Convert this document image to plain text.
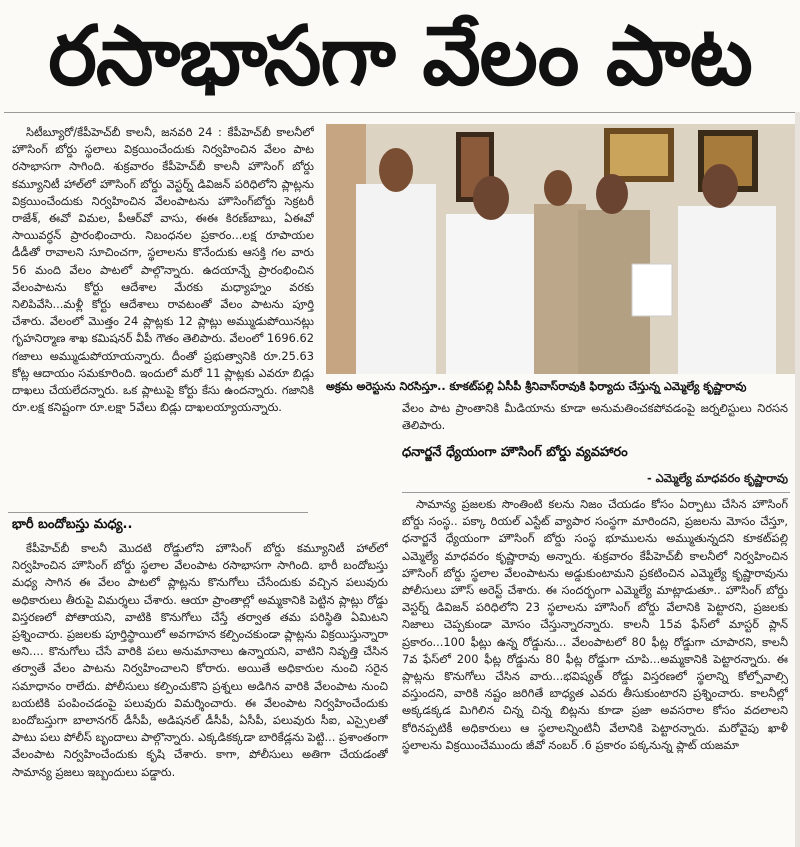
రసాభాసగా వేలం పాట

సిటీబ్యూరో/కేపీహెచ్‌బీ కాలనీ, జనవరి 24 : కేపీహెచ్‌బీ కాలనీలో హౌసింగ్‌ బోర్డు స్థలాలు విక్రయించేందుకు నిర్వహించిన వేలం పాట రసాభాసగా సాగింది. శుక్రవారం కేపీహెచ్‌బీ కాలనీ హౌసింగ్‌ బోర్డు కమ్యూనిటీ హాల్‌లో హౌసింగ్‌ బోర్డు వెస్టర్న్‌ డివిజన్‌ పరిధిలోని ప్లాట్లను విక్రయించేందుకు నిర్వహించిన వేలంపాటను హౌసింగ్‌బోర్డు సెక్రటరీ రాజేశ్‌, ఈవో విమల, పీఆర్‌వో వాసు, ఈఈ కిరణ్‌బాబు, ఏఈవో సాయివర్ధన్‌ ప్రారంభించారు. నిబంధనల ప్రకారం...లక్ష రూపాయల డీడీతో రావాలని సూచించగా, స్థలాలను కొనేందుకు ఆసక్తి గల వారు 56 మంది వేలం పాటలో పాల్గొన్నారు. ఉదయాన్నే ప్రారంభించిన వేలంపాటను కోర్టు ఆదేశాల మేరకు మధ్యాహ్నం వరకు నిలిపివేసి...మళ్లీ కోర్టు ఆదేశాలు రావటంతో వేలం పాటను పూర్తి చేశారు. వేలంలో మొత్తం 24 ప్లాట్లకు 12 ప్లాట్లు అమ్ముడుపోయినట్లు గృహనిర్మాణ శాఖ కమిషనర్‌ వీపీ గౌతం తెలిపారు. వేలంలో 1696.62 గజాలు అమ్ముడుపోయాయన్నారు. దీంతో ప్రభుత్వానికి రూ.25.63 కోట్ల ఆదాయం సమకూరింది. ఇందులో మరో 11 ప్లాట్లకు ఎవరూ బిడ్లు దాఖలు చేయలేదన్నారు. ఒక ప్లాటుపై కోర్టు కేసు ఉందన్నారు. గజానికి రూ.లక్ష కనిష్టంగా రూ.లక్షా 5వేలు బిడ్లు దాఖలయ్యాయన్నారు.

భారీ బందోబస్తు మధ్య..

కేపీహెచ్‌బీ కాలనీ మొదటి రోడ్డులోని హౌసింగ్‌ బోర్డు కమ్యూనిటీ హాల్‌లో నిర్వహించిన హౌసింగ్‌ బోర్డు స్థలాల వేలంపాట రసాభాసగా సాగింది. భారీ బందోబస్తు మధ్య సాగిన ఈ వేలం పాటలో ప్లాట్లను కొనుగోలు చేసేందుకు వచ్చిన పలువురు అధికారులు తీరుపై విమర్శలు చేశారు. ఆయా ప్రాంతాల్లో అమ్మకానికి పెట్టిన ప్లాట్లు రోడ్డు విస్తరణలో పోతాయని, వాటికి కొనుగోలు చేస్తే తర్వాత తమ పరిస్థితి ఏమిటని ప్రశ్నించారు. ప్రజలకు పూర్తిస్థాయిలో అవగాహన కల్పించకుండా ప్లాట్లను విక్రయిస్తున్నారా అని.... కొనుగోలు చేసే వారికి పలు అనుమానాలు ఉన్నాయని, వాటిని నివృత్తి చేసిన తర్వాతే వేలం పాటను నిర్వహించాలని కోరారు. అయితే అధికారుల నుంచి సరైన సమాధానం రాలేదు. పోలీసులు కల్పించుకొని ప్రశ్నలు అడిగిన వారికి వేలంపాట నుంచి బయటికి పంపించడంపై పలువురు విమర్శించారు. ఈ వేలంపాట నిర్వహించేందుకు బందోబస్తుగా బాలానగర్‌ డీసీపీ, అడిషనల్‌ డీసీపీ, ఏసీపీ, పలువురు సీఐ, ఎస్సైలతో పాటు పలు పోలీస్‌ బృందాలు పాల్గొన్నారు. ఎక్కడికక్కడా బారికేడ్లను పెట్టి... ప్రశాంతంగా వేలంపాట నిర్వహించేందుకు కృషి చేశారు. కాగా, పోలీసులు అతిగా చేయడంతో సామాన్య ప్రజలు ఇబ్బందులు పడ్డారు.

అక్రమ అరెస్టును నిరసిస్తూ.. కూకట్‌పల్లి ఏసీపీ శ్రీనివాస్‌రావుకి ఫిర్యాదు చేస్తున్న ఎమ్మెల్యే కృష్ణారావు

వేలం పాట ప్రాంతానికి మీడియాను కూడా అనుమతించకపోవడంపై జర్నలిస్టులు నిరసన తెలిపారు.

ధనార్జనే ధ్యేయంగా హౌసింగ్‌ బోర్డు వ్యవహారం
- ఎమ్మెల్యే మాధవరం కృష్ణారావు

సామాన్య ప్రజలకు సొంతింటి కలను నిజం చేయడం కోసం ఏర్పాటు చేసిన హౌసింగ్‌ బోర్డు సంస్థ.. పక్కా రియల్‌ ఎస్టేట్‌ వ్యాపార సంస్థగా మారిందని, ప్రజలను మోసం చేస్తూ, ధనార్జనే ధ్యేయంగా హౌసింగ్‌ బోర్డు సంస్థ భూములను అమ్ముతున్నదని కూకట్‌పల్లి ఎమ్మెల్యే మాధవరం కృష్ణారావు అన్నారు. శుక్రవారం కేపీహెచ్‌బీ కాలనీలో నిర్వహించిన హౌసింగ్‌ బోర్డు స్థలాల వేలంపాటను అడ్డుకుంటామని ప్రకటించిన ఎమ్మెల్యే కృష్ణారావును పోలీసులు హౌస్‌ అరెస్ట్‌ చేశారు. ఈ సందర్భంగా ఎమ్మెల్యే మాట్లాడుతూ.. హౌసింగ్‌ బోర్డు వెస్టర్న్‌ డివిజన్‌ పరిధిలోని 23 స్థలాలను హౌసింగ్‌ బోర్డు వేలానికి పెట్టారని, ప్రజలకు నిజాలు చెప్పకుండా మోసం చేస్తున్నారన్నారు. కాలనీ 15వ ఫేస్‌లో మాస్టర్‌ ప్లాన్‌ ప్రకారం...100 ఫీట్లు ఉన్న రోడ్డును... వేలంపాటలో 80 ఫీట్ల రోడ్డుగా చూపారని, కాలనీ 7వ ఫేస్‌లో 200 ఫీట్ల రోడ్డును 80 ఫీట్ల రోడ్డుగా చూపి...అమ్మకానికి పెట్టారన్నారు. ఈ ప్లాట్లను కొనుగోలు చేసిన వారు...భవిష్యత్‌ రోడ్డు విస్తరణలో స్థలాన్ని కోల్పోవాల్సి వస్తుందని, వారికి నష్టం జరిగితే బాధ్యత ఎవరు తీసుకుంటారని ప్రశ్నించారు. కాలనీల్లో అక్కడక్కడ మిగిలిన చిన్న చిన్న బిట్లను కూడా ప్రజా అవసరాల కోసం వదలాలని కోరినప్పటికీ అధికారులు ఆ స్థలాలన్నింటినీ వేలానికి పెట్టారన్నారు. మరోవైపు ఖాళీ స్థలాలను విక్రయించేముందు జీవో నంబర్‌ .6 ప్రకారం పక్కనున్న ప్లాట్‌ యజమా
